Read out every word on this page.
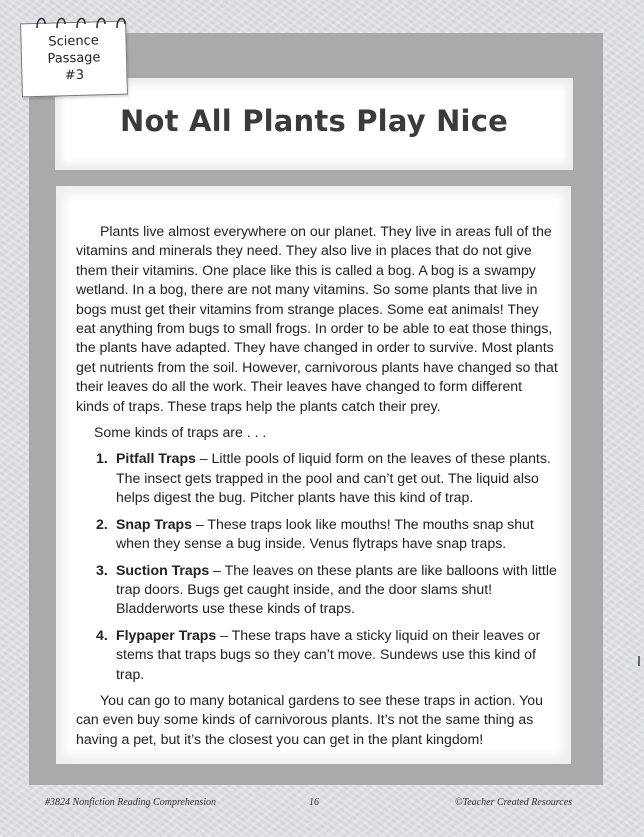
Not All Plants Play Nice

Plants live almost everywhere on our planet. They live in areas full of the vitamins and minerals they need. They also live in places that do not give them their vitamins. One place like this is called a bog. A bog is a swampy wetland. In a bog, there are not many vitamins. So some plants that live in bogs must get their vitamins from strange places. Some eat animals! They eat anything from bugs to small frogs. In order to be able to eat those things, the plants have adapted. They have changed in order to survive. Most plants get nutrients from the soil. However, carnivorous plants have changed so that their leaves do all the work. Their leaves have changed to form different kinds of traps. These traps help the plants catch their prey.

Some kinds of traps are . . .

1. Pitfall Traps – Little pools of liquid form on the leaves of these plants. The insect gets trapped in the pool and can’t get out. The liquid also helps digest the bug. Pitcher plants have this kind of trap.
2. Snap Traps – These traps look like mouths! The mouths snap shut when they sense a bug inside. Venus flytraps have snap traps.
3. Suction Traps – The leaves on these plants are like balloons with little trap doors. Bugs get caught inside, and the door slams shut! Bladderworts use these kinds of traps.
4. Flypaper Traps – These traps have a sticky liquid on their leaves or stems that traps bugs so they can’t move. Sundews use this kind of trap.

You can go to many botanical gardens to see these traps in action. You can even buy some kinds of carnivorous plants. It’s not the same thing as having a pet, but it’s the closest you can get in the plant kingdom!

Science
Passage
#3
#3824 Nonfiction Reading Comprehension	16	©Teacher Created Resources
